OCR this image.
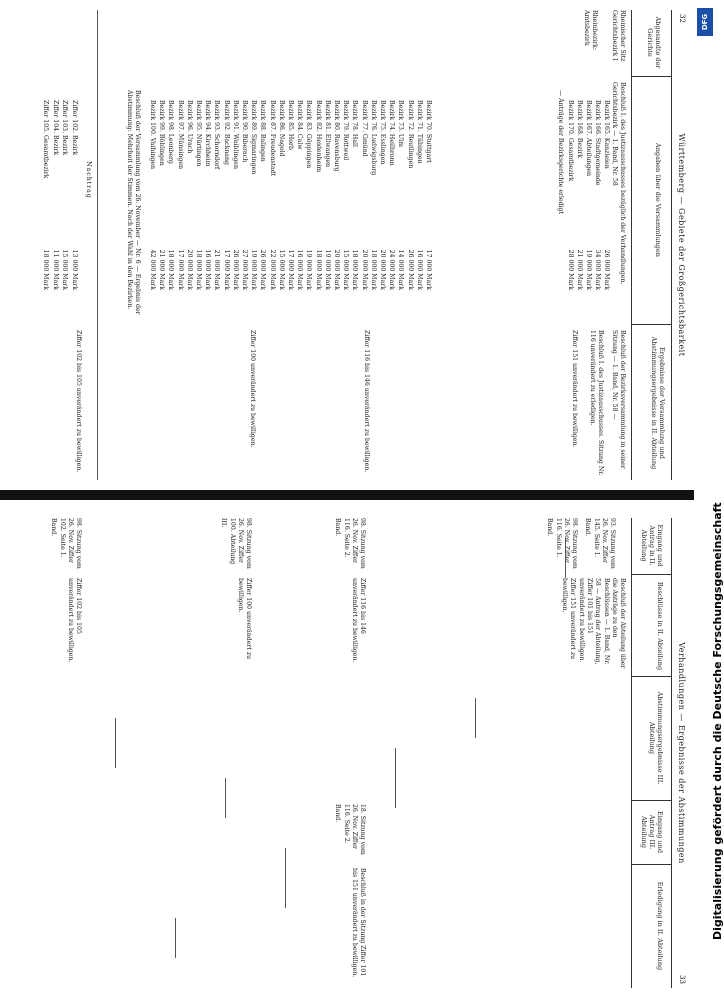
32
Württemberg — Gebiete der Großgerichtsbarkeit
Abgesandte der Gerichte
Angaben über die Versammlungen
Ergebnisse der Versammlung und Abstimmungsergebnisse in II. Abteilung
Rheinischer Sitz Gerichtsbezirk I
Rheinbezirk: Amtsbezirk
Beschluß I. des Justizausschusses bezüglich der Verhandlungen. Gerichtsbezirk — 1. Band, Nr. 58
Bezirk 165. Kanzleien
26 000 Mark
Bezirk 166. Stadtgemeinde
34 000 Mark
Bezirk 167. Abteilungen
19 000 Mark
Bezirk 168. Bezirk
21 000 Mark
Bezirk 170. Gesamtbezirk
28 000 Mark
— Anträge der Bezirksgerichte erledigt
Beschluß der Bezirksversammlung in seiner Sitzung — 1. Band, Nr. 58 —
Beschluß I. des Justizausschusses. Sitzung Nr. 116 unverändert zu erledigen.
Ziffer 151 unverändert zu bewilligen.
Bezirk 70. Stuttgart
17 000 Mark
Bezirk 71. Tübingen
16 000 Mark
Bezirk 72. Reutlingen
26 000 Mark
Bezirk 73. Ulm
14 000 Mark
Bezirk 74. Heilbronn
24 000 Mark
Bezirk 75. Esslingen
20 000 Mark
Bezirk 76. Ludwigsburg
18 000 Mark
Bezirk 77. Gmünd
20 000 Mark
Bezirk 78. Hall
18 000 Mark
Bezirk 79. Rottweil
15 000 Mark
Bezirk 80. Ravensburg
20 000 Mark
Bezirk 81. Ellwangen
19 000 Mark
Bezirk 82. Heidenheim
18 000 Mark
Bezirk 83. Göppingen
19 000 Mark
Bezirk 84. Calw
16 000 Mark
Bezirk 85. Horb
17 000 Mark
Bezirk 86. Nagold
15 000 Mark
Bezirk 87. Freudenstadt
22 000 Mark
Bezirk 88. Balingen
26 000 Mark
Bezirk 89. Sigmaringen
19 000 Mark
Bezirk 90. Biberach
27 000 Mark
Bezirk 91. Waiblingen
26 000 Mark
Bezirk 92. Backnang
17 000 Mark
Bezirk 93. Schorndorf
21 000 Mark
Bezirk 94. Kirchheim
16 000 Mark
Bezirk 95. Nürtingen
18 000 Mark
Bezirk 96. Urach
20 000 Mark
Bezirk 97. Münsingen
17 000 Mark
Bezirk 98. Leonberg
18 000 Mark
Bezirk 99. Böblingen
21 000 Mark
Bezirk 100. Vaihingen
42 000 Mark
Beschluß der Versammlung vom 26. November — Nr. 6 — Ergebnis der Abstimmung: Mehrheit der Stimmen. Nach der Wahl in den Bezirken.
Ziffer 116 bis 146 unverändert zu bewilligen.
Ziffer 100 unverändert zu bewilligen.
Nachtrag
Ziffer 102. Bezirk
13 000 Mark
Ziffer 103. Bezirk
15 000 Mark
Ziffer 104. Bezirk
11 000 Mark
Ziffer 105. Gesamtbezirk
18 000 Mark
Ziffer 102 bis 105 unverändert zu bewilligen.
33
Verhandlungen — Ergebnisse der Abstimmungen
Eingang und Antrag in II. Abteilung
Beschlüsse in II. Abteilung
Abstimmungsergebnisse III. Abteilung
Eingang und Antrag III. Abteilung
Erledigung in II. Abteilung
93. Sitzung vom 26. Nov. Ziffer 145. Seite 1. Band.
98. Sitzung vom 26. Nov. Ziffer 116. Seite 1. Band.
98. Sitzung vom 26. Nov. Ziffer 116. Seite 2. Band.
98. Sitzung vom 26. Nov. Ziffer 100. Abteilung III.
98. Sitzung vom 26. Nov. Ziffer 102. Seite 1. Band.
Beschluß der Abteilung über die Anträge zu den Beschlüssen — 1. Band, Nr. 58 — Antrag der Abteilung, Ziffer 101 bis 151 unverändert zu bewilligen.
Ziffer 151 unverändert zu bewilligen.
Ziffer 116 bis 146 unverändert zu bewilligen.
Ziffer 100 unverändert zu bewilligen.
Ziffer 102 bis 105 unverändert zu bewilligen.
18. Sitzung vom 26. Nov. Ziffer 116. Seite 2. Band.
Beschluß in der Sitzung Ziffer 101 bis 151 unverändert zu bewilligen.
DFG
Digitalisierung gefördert durch die Deutsche Forschungsgemeinschaft
